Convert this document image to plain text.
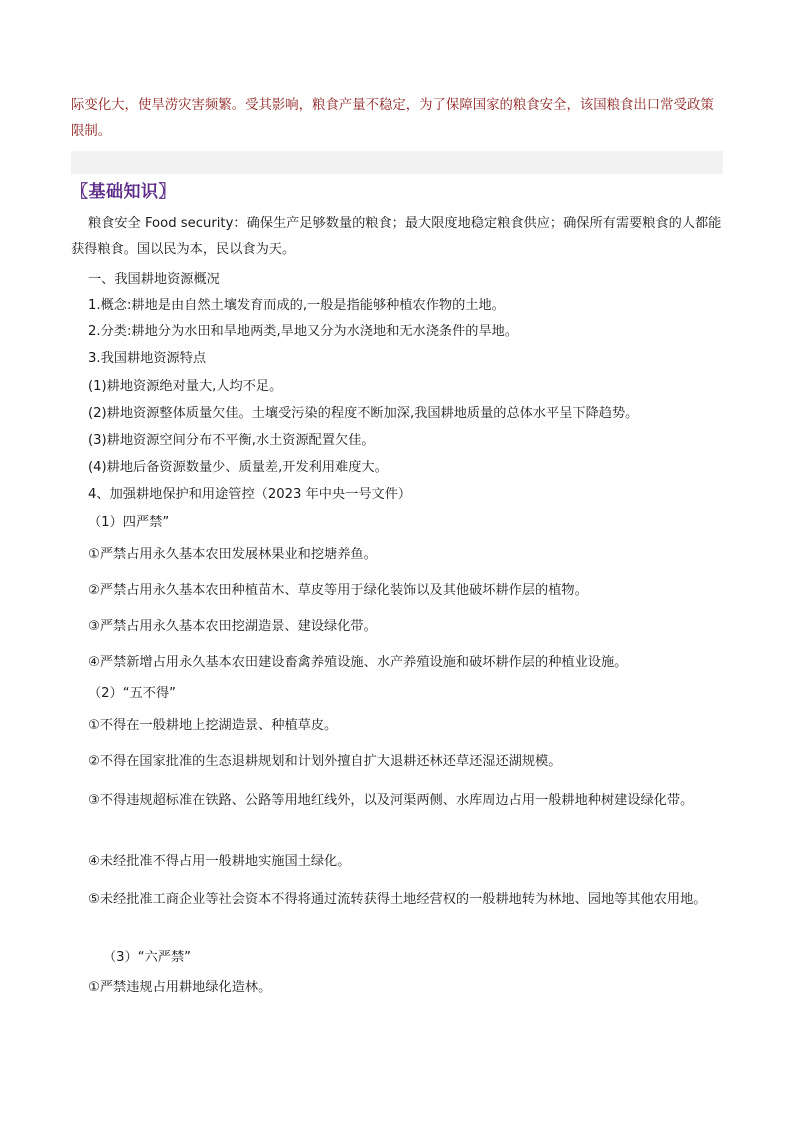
际变化大，使旱涝灾害频繁。受其影响，粮食产量不稳定，为了保障国家的粮食安全，该国粮食出口常受政策限制。

〖基础知识〗

粮食安全 Food security：确保生产足够数量的粮食；最大限度地稳定粮食供应；确保所有需要粮食的人都能获得粮食。国以民为本，民以食为天。

一、我国耕地资源概况

1.概念:耕地是由自然土壤发育而成的,一般是指能够种植农作物的土地。

2.分类:耕地分为水田和旱地两类,旱地又分为水浇地和无水浇条件的旱地。

3.我国耕地资源特点

(1)耕地资源绝对量大,人均不足。

(2)耕地资源整体质量欠佳。土壤受污染的程度不断加深,我国耕地质量的总体水平呈下降趋势。

(3)耕地资源空间分布不平衡,水土资源配置欠佳。

(4)耕地后备资源数量少、质量差,开发利用难度大。

4、加强耕地保护和用途管控（2023 年中央一号文件）

（1）四严禁”

①严禁占用永久基本农田发展林果业和挖塘养鱼。

②严禁占用永久基本农田种植苗木、草皮等用于绿化装饰以及其他破坏耕作层的植物。

③严禁占用永久基本农田挖湖造景、建设绿化带。

④严禁新增占用永久基本农田建设畜禽养殖设施、水产养殖设施和破坏耕作层的种植业设施。

（2）“五不得”

①不得在一般耕地上挖湖造景、种植草皮。

②不得在国家批准的生态退耕规划和计划外擅自扩大退耕还林还草还湿还湖规模。

③不得违规超标准在铁路、公路等用地红线外，以及河渠两侧、水库周边占用一般耕地种树建设绿化带。

④未经批准不得占用一般耕地实施国土绿化。

⑤未经批准工商企业等社会资本不得将通过流转获得土地经营权的一般耕地转为林地、园地等其他农用地。

（3）“六严禁”

①严禁违规占用耕地绿化造林。
